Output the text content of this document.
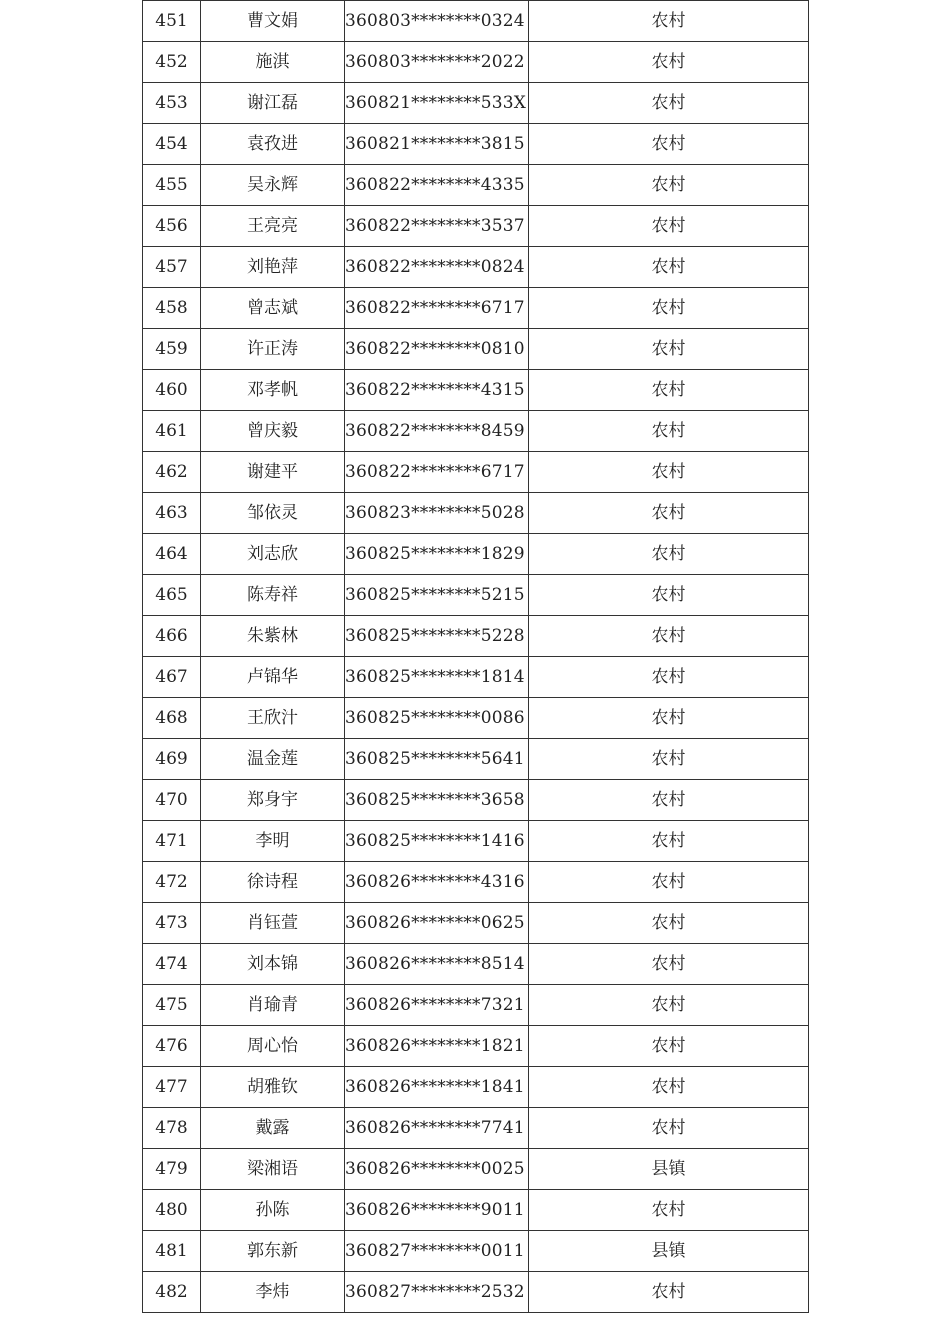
451	曹文娟	360803********0324	农村
452	施淇	360803********2022	农村
453	谢江磊	360821********533X	农村
454	袁孜进	360821********3815	农村
455	吴永辉	360822********4335	农村
456	王亮亮	360822********3537	农村
457	刘艳萍	360822********0824	农村
458	曾志斌	360822********6717	农村
459	许正涛	360822********0810	农村
460	邓孝帆	360822********4315	农村
461	曾庆毅	360822********8459	农村
462	谢建平	360822********6717	农村
463	邹依灵	360823********5028	农村
464	刘志欣	360825********1829	农村
465	陈寿祥	360825********5215	农村
466	朱紫林	360825********5228	农村
467	卢锦华	360825********1814	农村
468	王欣汁	360825********0086	农村
469	温金莲	360825********5641	农村
470	郑身宇	360825********3658	农村
471	李明	360825********1416	农村
472	徐诗程	360826********4316	农村
473	肖钰萱	360826********0625	农村
474	刘本锦	360826********8514	农村
475	肖瑜青	360826********7321	农村
476	周心怡	360826********1821	农村
477	胡雅钦	360826********1841	农村
478	戴露	360826********7741	农村
479	梁湘语	360826********0025	县镇
480	孙陈	360826********9011	农村
481	郭东新	360827********0011	县镇
482	李炜	360827********2532	农村
